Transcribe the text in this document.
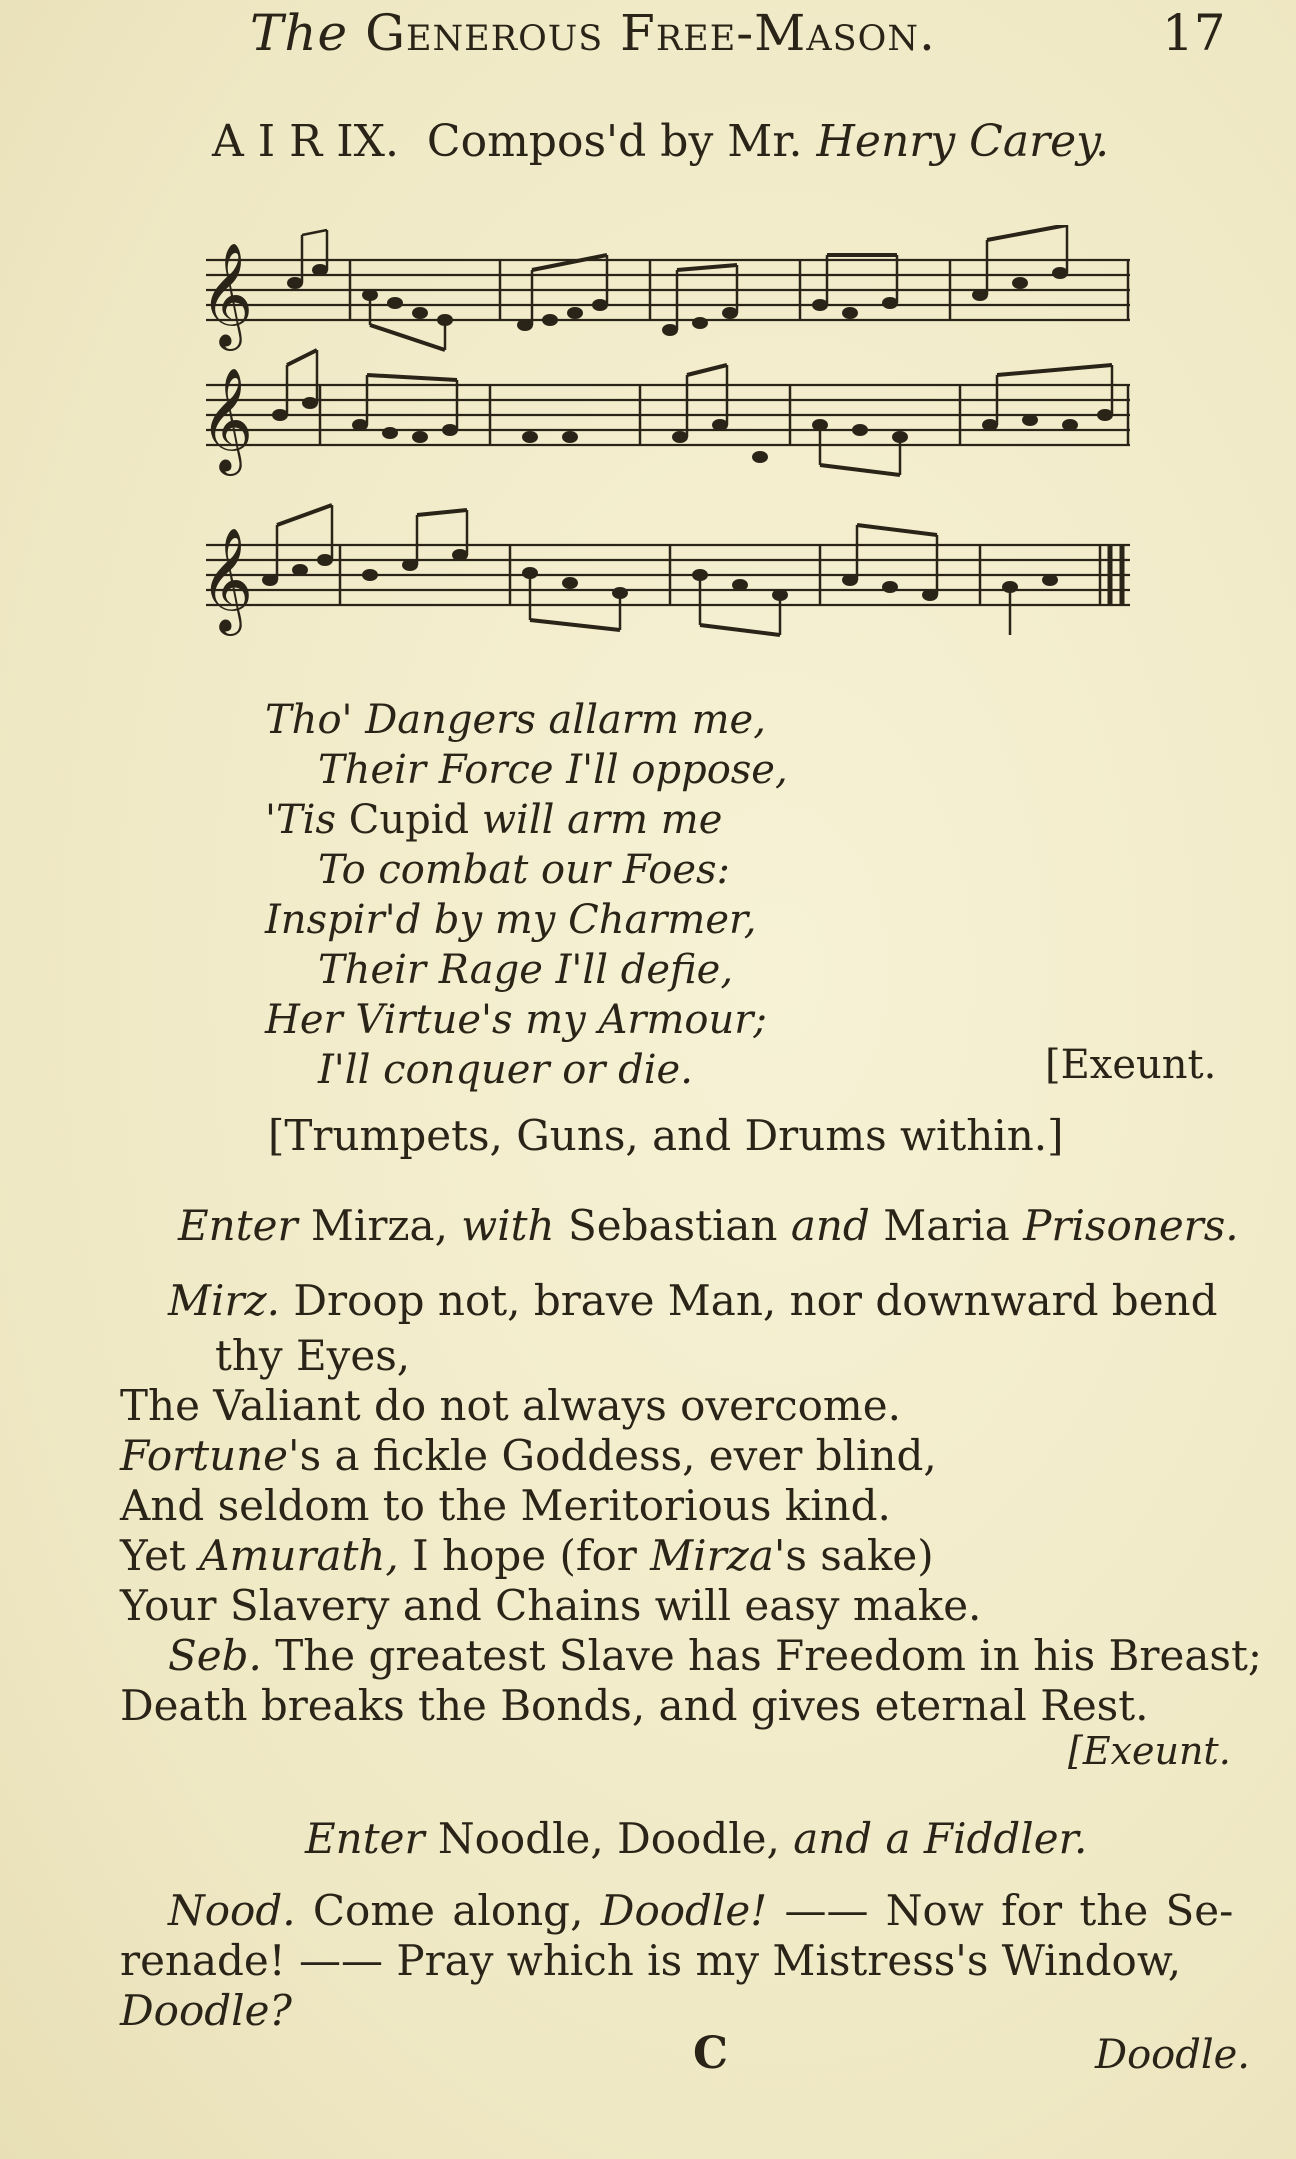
The Generous Free-Mason.	17
A I R IX. Compos'd by Mr. Henry Carey.
𝄞
𝄞
𝄞
Tho' Dangers allarm me,
Their Force I'll oppose,
'Tis Cupid will arm me
To combat our Foes:
Inspir'd by my Charmer,
Their Rage I'll defie,
Her Virtue's my Armour;
I'll conquer or die.	[Exeunt.
[Trumpets, Guns, and Drums within.]
Enter Mirza, with Sebastian and Maria Prisoners.
Mirz. Droop not, brave Man, nor downward bend
thy Eyes,
The Valiant do not always overcome.
Fortune's a fickle Goddess, ever blind,
And seldom to the Meritorious kind.
Yet Amurath, I hope (for Mirza's sake)
Your Slavery and Chains will easy make.
Seb. The greatest Slave has Freedom in his Breast;
Death breaks the Bonds, and gives eternal Rest.
[Exeunt.
Enter Noodle, Doodle, and a Fiddler.
Nood. Come along, Doodle! —— Now for the Se-
renade! —— Pray which is my Mistress's Window,
Doodle?
C	Doodle.
